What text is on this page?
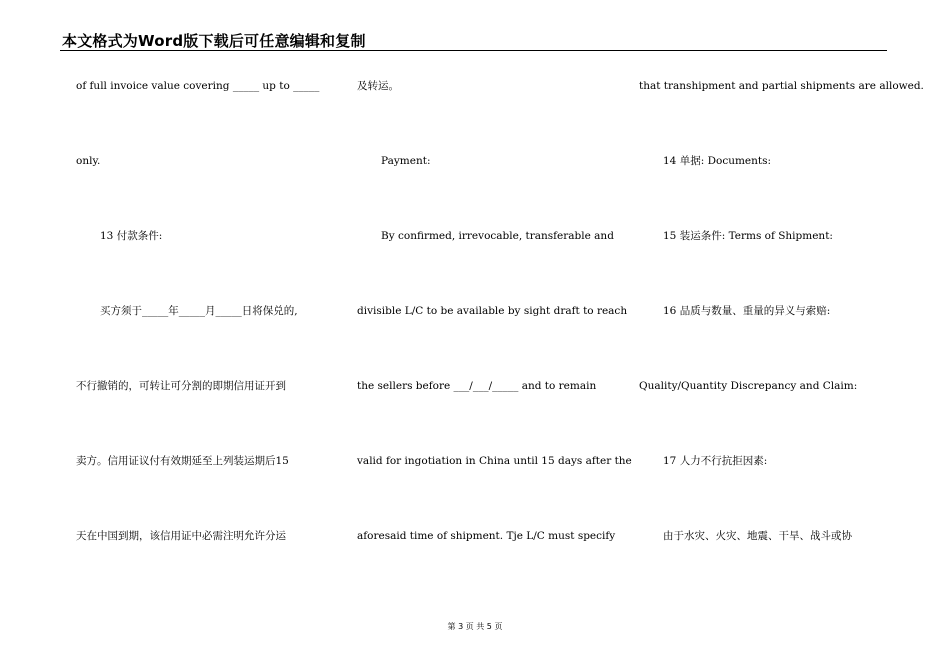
本文格式为Word版下载后可任意编辑和复制
of full invoice value covering _____ up to _____
only.
13 付款条件:
买方须于_____年_____月_____日将保兑的,
不行撤销的，可转让可分割的即期信用证开到
卖方。信用证议付有效期延至上列装运期后15
天在中国到期，该信用证中必需注明允许分运
及转运。
Payment:
By confirmed, irrevocable, transferable and
divisible L/C to be available by sight draft to reach
the sellers before ___/___/_____ and to remain
valid for ingotiation in China until 15 days after the
aforesaid time of shipment. Tje L/C must specify
that transhipment and partial shipments are allowed.
14 单据: Documents:
15 装运条件: Terms of Shipment:
16 品质与数量、重量的异义与索赔:
Quality/Quantity Discrepancy and Claim:
17 人力不行抗拒因素:
由于水灾、火灾、地震、干旱、战斗或协
第 3 页 共 5 页
